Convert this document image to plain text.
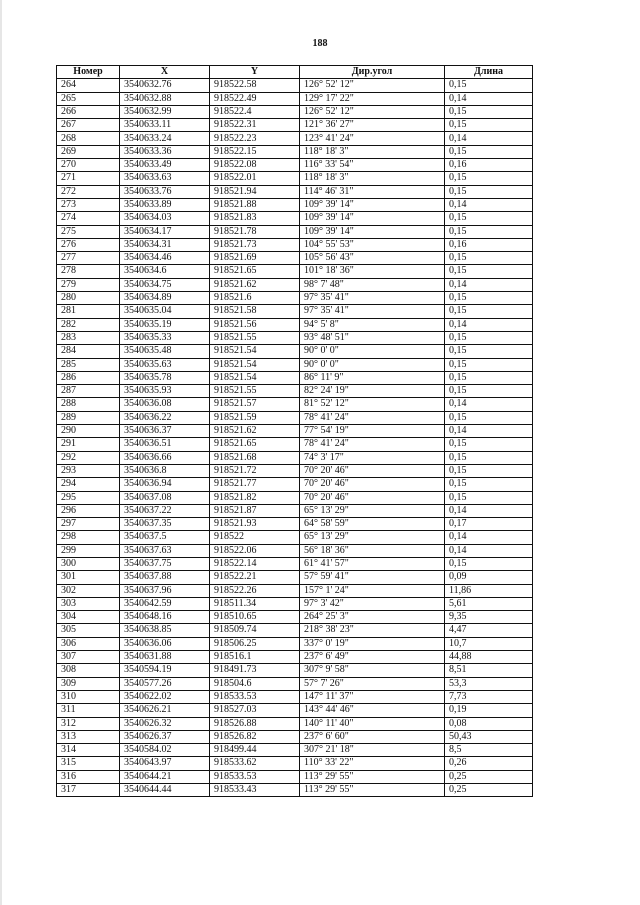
188
Номер	X	Y	Дир.угол	Длина
264	3540632.76	918522.58	126° 52' 12"	0,15
265	3540632.88	918522.49	129° 17' 22"	0,14
266	3540632.99	918522.4	126° 52' 12"	0,15
267	3540633.11	918522.31	121° 36' 27"	0,15
268	3540633.24	918522.23	123° 41' 24"	0,14
269	3540633.36	918522.15	118° 18' 3"	0,15
270	3540633.49	918522.08	116° 33' 54"	0,16
271	3540633.63	918522.01	118° 18' 3"	0,15
272	3540633.76	918521.94	114° 46' 31"	0,15
273	3540633.89	918521.88	109° 39' 14"	0,14
274	3540634.03	918521.83	109° 39' 14"	0,15
275	3540634.17	918521.78	109° 39' 14"	0,15
276	3540634.31	918521.73	104° 55' 53"	0,16
277	3540634.46	918521.69	105° 56' 43"	0,15
278	3540634.6	918521.65	101° 18' 36"	0,15
279	3540634.75	918521.62	98° 7' 48"	0,14
280	3540634.89	918521.6	97° 35' 41"	0,15
281	3540635.04	918521.58	97° 35' 41"	0,15
282	3540635.19	918521.56	94° 5' 8"	0,14
283	3540635.33	918521.55	93° 48' 51"	0,15
284	3540635.48	918521.54	90° 0' 0"	0,15
285	3540635.63	918521.54	90° 0' 0"	0,15
286	3540635.78	918521.54	86° 11' 9"	0,15
287	3540635.93	918521.55	82° 24' 19"	0,15
288	3540636.08	918521.57	81° 52' 12"	0,14
289	3540636.22	918521.59	78° 41' 24"	0,15
290	3540636.37	918521.62	77° 54' 19"	0,14
291	3540636.51	918521.65	78° 41' 24"	0,15
292	3540636.66	918521.68	74° 3' 17"	0,15
293	3540636.8	918521.72	70° 20' 46"	0,15
294	3540636.94	918521.77	70° 20' 46"	0,15
295	3540637.08	918521.82	70° 20' 46"	0,15
296	3540637.22	918521.87	65° 13' 29"	0,14
297	3540637.35	918521.93	64° 58' 59"	0,17
298	3540637.5	918522	65° 13' 29"	0,14
299	3540637.63	918522.06	56° 18' 36"	0,14
300	3540637.75	918522.14	61° 41' 57"	0,15
301	3540637.88	918522.21	57° 59' 41"	0,09
302	3540637.96	918522.26	157° 1' 24"	11,86
303	3540642.59	918511.34	97° 3' 42"	5,61
304	3540648.16	918510.65	264° 25' 3"	9,35
305	3540638.85	918509.74	218° 38' 23"	4,47
306	3540636.06	918506.25	337° 0' 19"	10,7
307	3540631.88	918516.1	237° 6' 49"	44,88
308	3540594.19	918491.73	307° 9' 58"	8,51
309	3540577.26	918504.6	57° 7' 26"	53,3
310	3540622.02	918533.53	147° 11' 37"	7,73
311	3540626.21	918527.03	143° 44' 46"	0,19
312	3540626.32	918526.88	140° 11' 40"	0,08
313	3540626.37	918526.82	237° 6' 60"	50,43
314	3540584.02	918499.44	307° 21' 18"	8,5
315	3540643.97	918533.62	110° 33' 22"	0,26
316	3540644.21	918533.53	113° 29' 55"	0,25
317	3540644.44	918533.43	113° 29' 55"	0,25
